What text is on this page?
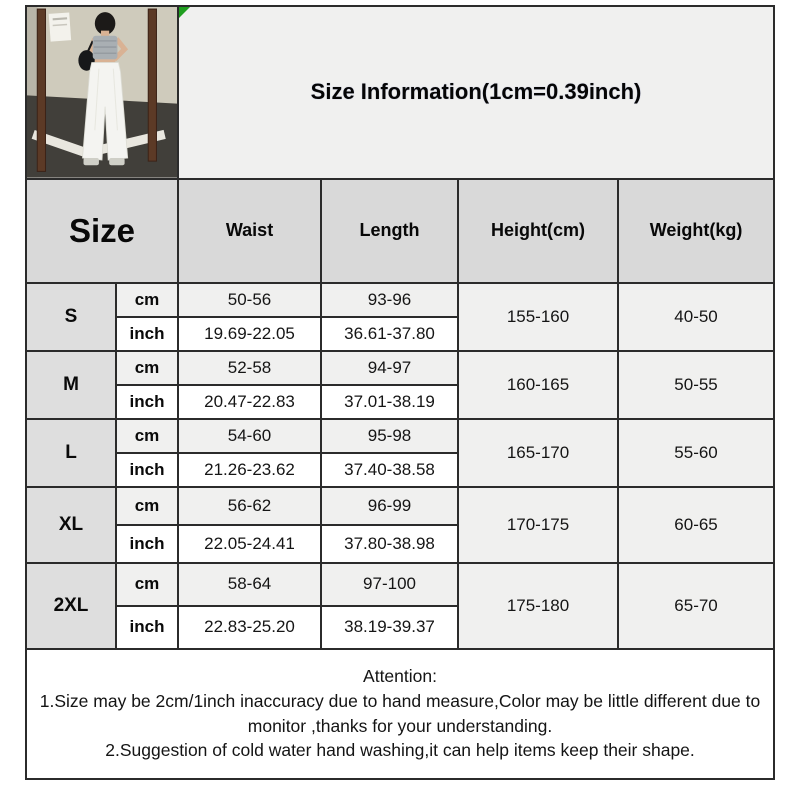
Size Information(1cm=0.39inch)			
Size		Waist	Length	Height(cm)	Weight(kg)
S	cm	50-56	93-96	155-160	40-50
	inch	19.69-22.05	36.61-37.80		
M	cm	52-58	94-97	160-165	50-55
	inch	20.47-22.83	37.01-38.19		
L	cm	54-60	95-98	165-170	55-60
	inch	21.26-23.62	37.40-38.58		
XL	cm	56-62	96-99	170-175	60-65
	inch	22.05-24.41	37.80-38.98		
2XL	cm	58-64	97-100	175-180	65-70
	inch	22.83-25.20	38.19-39.37		

Attention:
1.Size may be 2cm/1inch inaccuracy due to hand measure,Color may be little different due to monitor ,thanks for your understanding.
2.Suggestion of cold water hand washing,it can help items keep their shape.					
